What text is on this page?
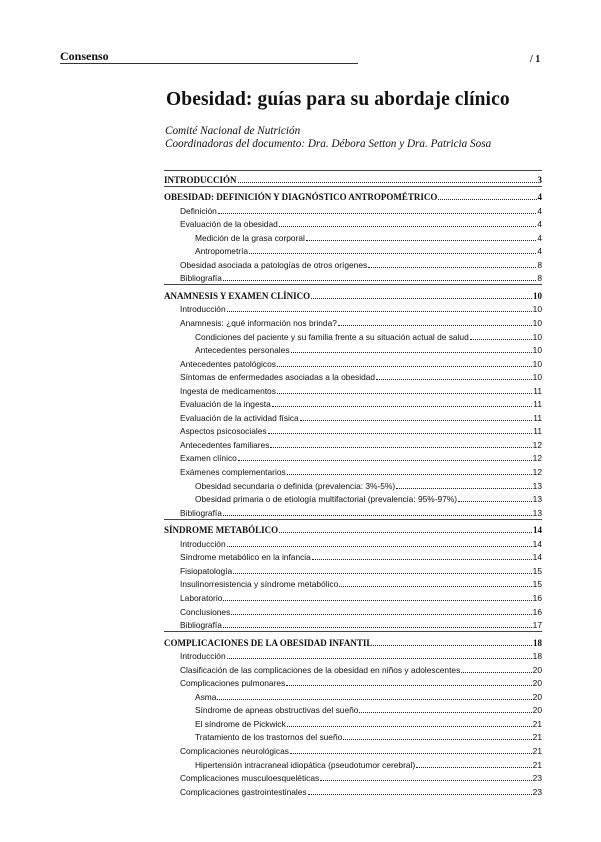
Consenso	/ 1
Obesidad: guías para su abordaje clínico
Comité Nacional de Nutrición
Coordinadoras del documento: Dra. Débora Setton y Dra. Patricia Sosa
INTRODUCCIÓN	3
OBESIDAD: DEFINICIÓN Y DIAGNÓSTICO ANTROPOMÉTRICO	4
Definición	4
Evaluación de la obesidad	4
Medición de la grasa corporal	4
Antropometría	4
Obesidad asociada a patologías de otros orígenes	8
Bibliografía	8
ANAMNESIS Y EXAMEN CLÍNICO	10
Introducción	10
Anamnesis: ¿qué información nos brinda?	10
Condiciones del paciente y su familia frente a su situación actual de salud	10
Antecedentes personales	10
Antecedentes patológicos	10
Síntomas de enfermedades asociadas a la obesidad	10
Ingesta de medicamentos	11
Evaluación de la ingesta	11
Evaluación de la actividad física	11
Aspectos psicosociales	11
Antecedentes familiares	12
Examen clínico	12
Exámenes complementarios	12
Obesidad secundaria o definida (prevalencia: 3%-5%)	13
Obesidad primaria o de etiología multifactorial (prevalencia: 95%-97%)	13
Bibliografía	13
SÍNDROME METABÓLICO	14
Introducción	14
Síndrome metabólico en la infancia	14
Fisiopatología	15
Insulinorresistencia y síndrome metabólico	15
Laboratorio	16
Conclusiones	16
Bibliografía	17
COMPLICACIONES DE LA OBESIDAD INFANTIL	18
Introducción	18
Clasificación de las complicaciones de la obesidad en niños y adolescentes	20
Complicaciones pulmonares	20
Asma	20
Síndrome de apneas obstructivas del sueño	20
El síndrome de Pickwick	21
Tratamiento de los trastornos del sueño	21
Complicaciones neurológicas	21
Hipertensión intracraneal idiopática (pseudotumor cerebral)	21
Complicaciones musculoesqueléticas	23
Complicaciones gastrointestinales	23
